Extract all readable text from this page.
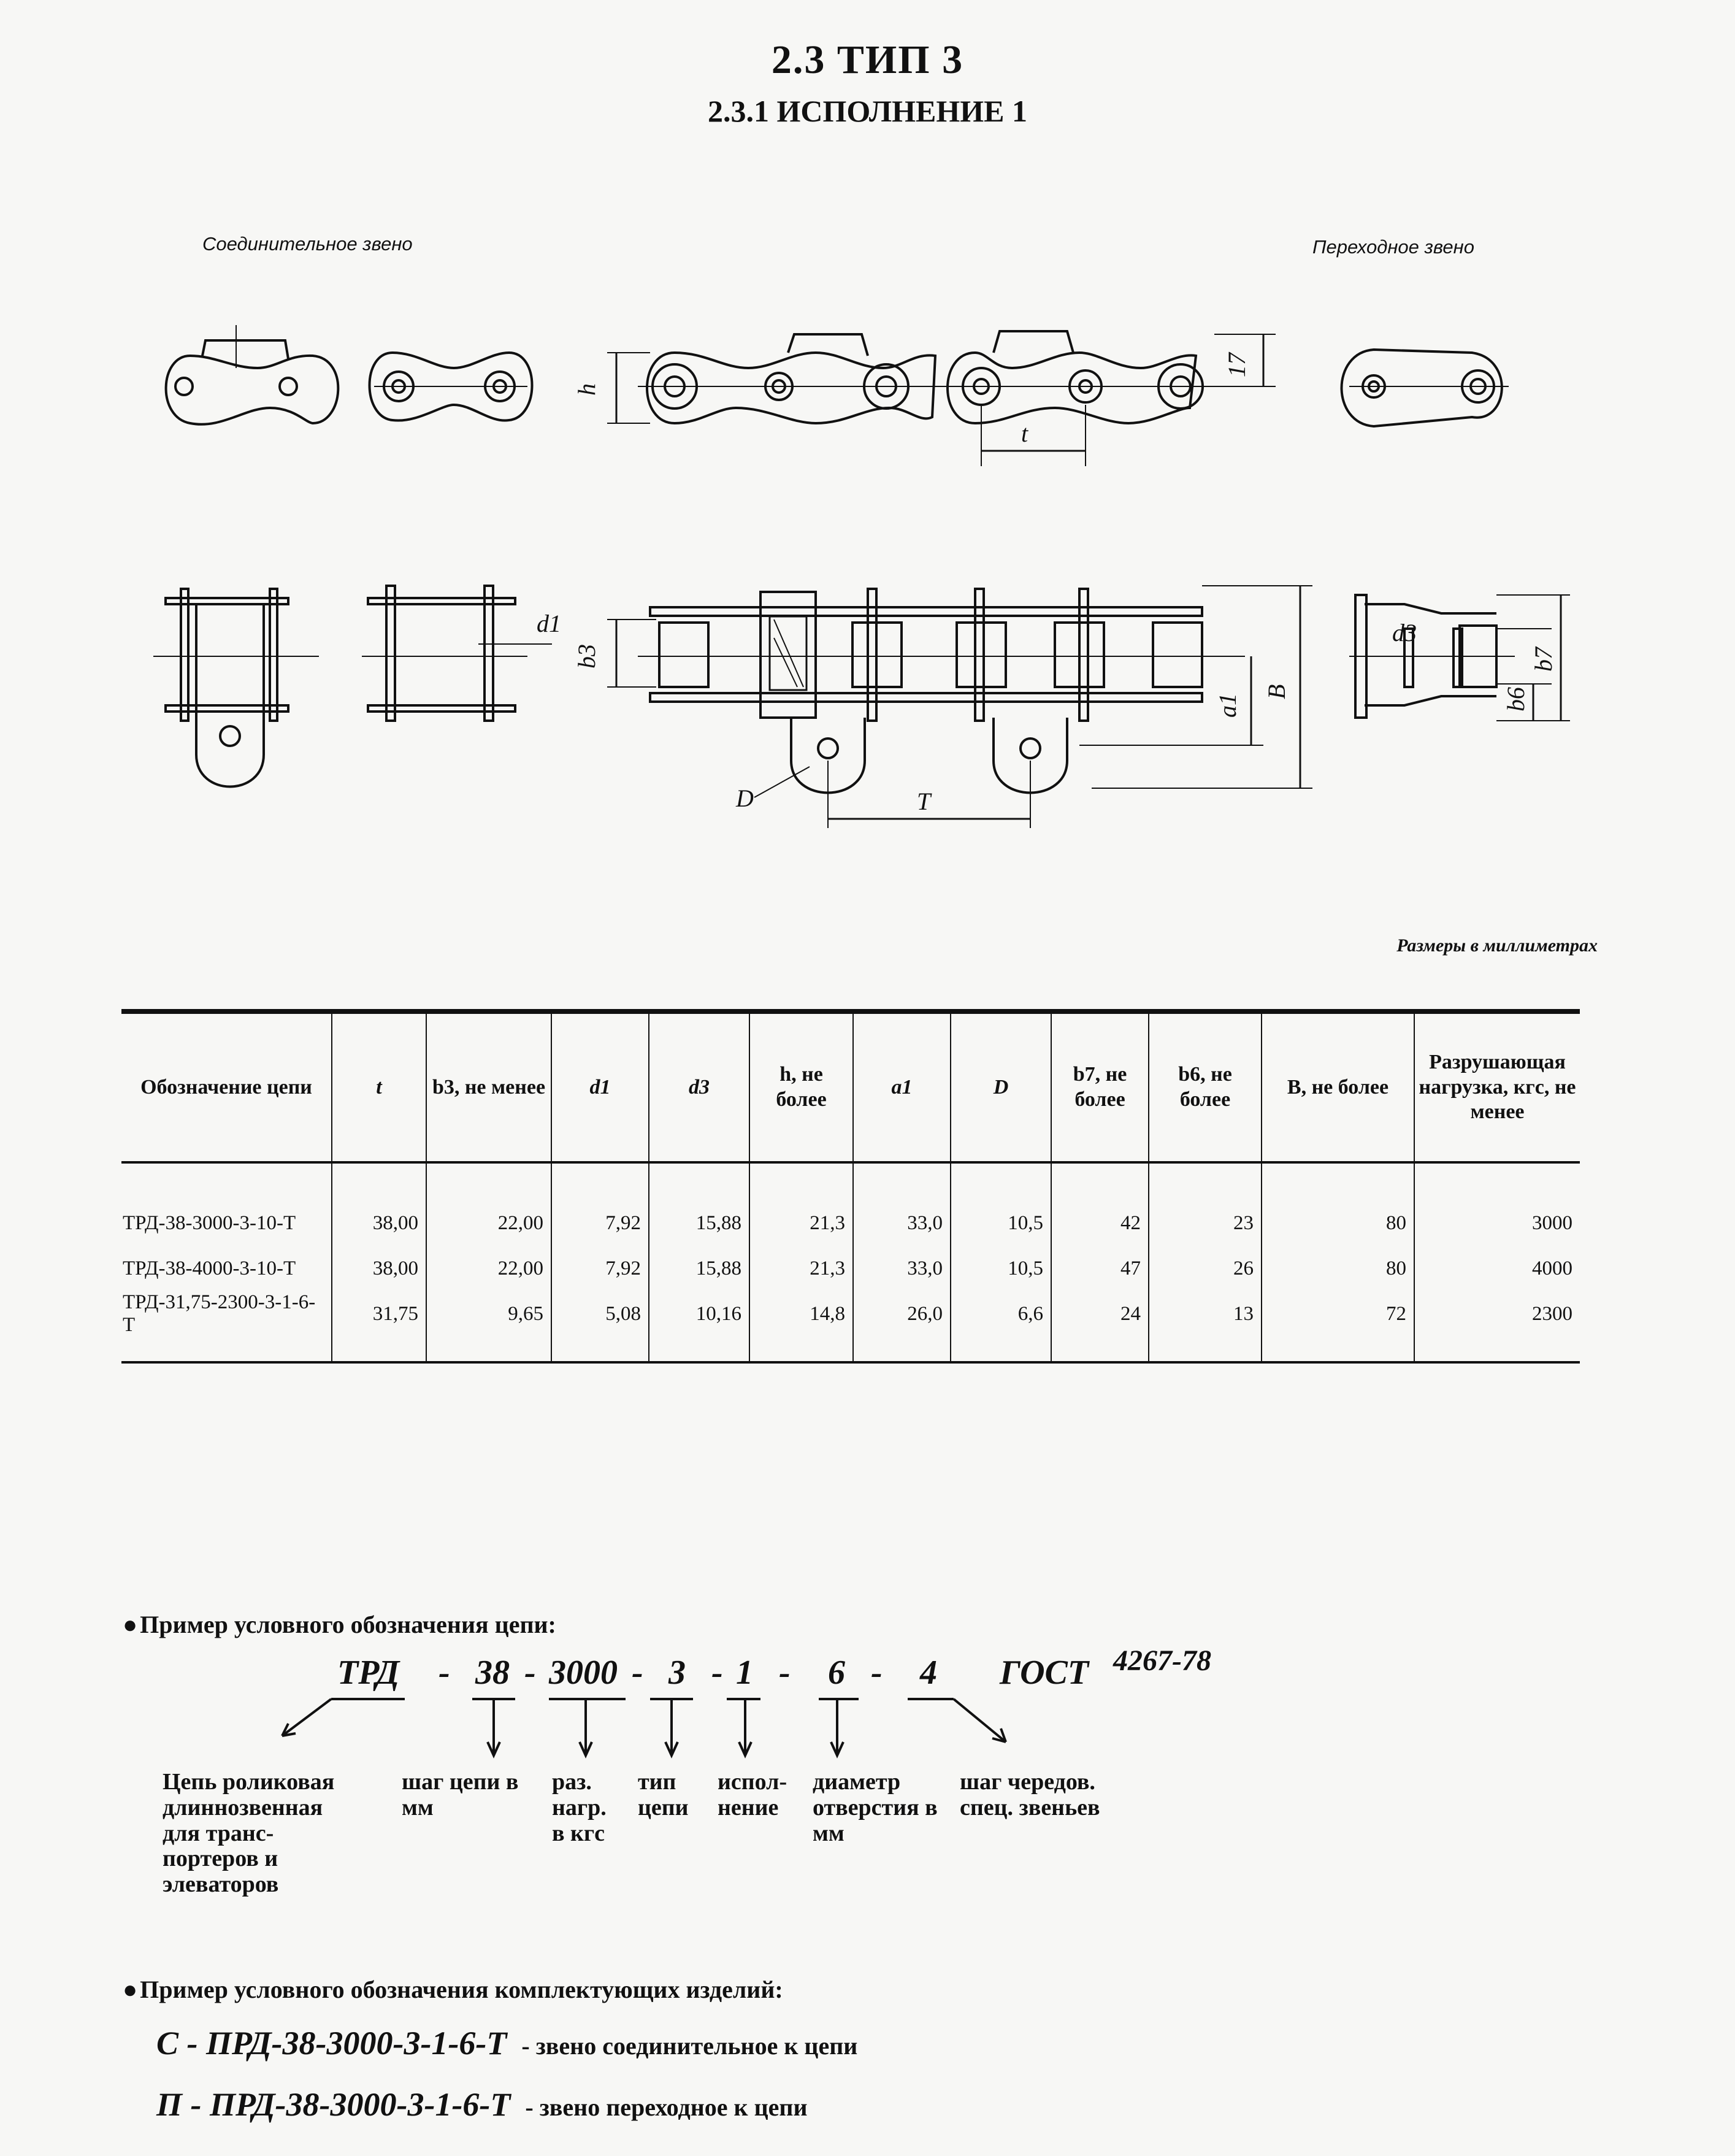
2.3 ТИП 3
2.3.1 ИСПОЛНЕНИЕ 1
Соединительное звено	Переходное звено
h
17
t
d1
b3
a1
B
D	T
d3
b7
b6
Размеры в миллиметрах
Обозначение цепи	t	b3, не менее	d1	d3	h, не более	a1	D	b7, не более	b6, не более	B, не более	Разрушающая нагрузка, кгс, не менее
ТРД-38-3000-3-10-Т	38,00	22,00	7,92	15,88	21,3	33,0	10,5	42	23	80	3000
ТРД-38-4000-3-10-Т	38,00	22,00	7,92	15,88	21,3	33,0	10,5	47	26	80	4000
ТРД-31,75-2300-3-1-6-Т	31,75	9,65	5,08	10,16	14,8	26,0	6,6	24	13	72	2300
● Пример условного обозначения цепи:
ТРД - 38 - 3000 - 3 - 1 - 6 - 4 ГОСТ 4267-78
Цепь роликовая длиннозвенная для транс- портеров и элеваторов
шаг цепи в мм
раз. нагр. в кгс
тип цепи
испол- нение
диаметр отверстия в мм
шаг чередов. спец. звеньев
● Пример условного обозначения комплектующих изделий:
С - ПРД-38-3000-3-1-6-Т - звено соединительное к цепи
П - ПРД-38-3000-3-1-6-Т - звено переходное к цепи
